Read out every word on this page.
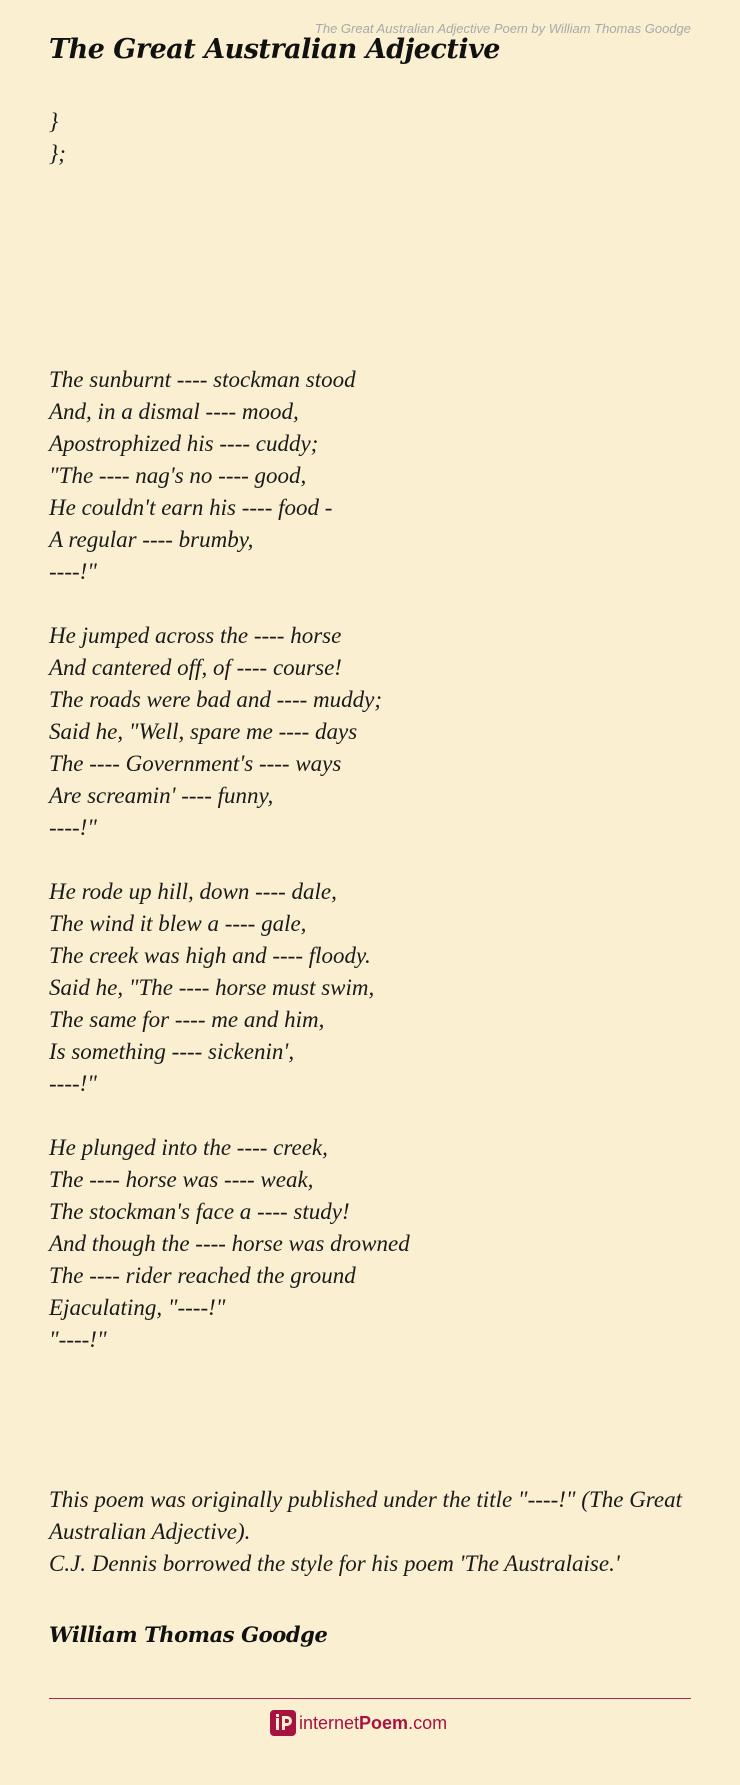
The Great Australian Adjective Poem by William Thomas Goodge
The Great Australian Adjective
}
};
The sunburnt ---- stockman stood
And, in a dismal ---- mood,
Apostrophized his ---- cuddy;
"The ---- nag's no ---- good,
He couldn't earn his ---- food -
A regular ---- brumby,
----!"
He jumped across the ---- horse
And cantered off, of ---- course!
The roads were bad and ---- muddy;
Said he, "Well, spare me ---- days
The ---- Government's ---- ways
Are screamin' ---- funny,
----!"
He rode up hill, down ---- dale,
The wind it blew a ---- gale,
The creek was high and ---- floody.
Said he, "The ---- horse must swim,
The same for ---- me and him,
Is something ---- sickenin',
----!"
He plunged into the ---- creek,
The ---- horse was ---- weak,
The stockman's face a ---- study!
And though the ---- horse was drowned
The ---- rider reached the ground
Ejaculating, "----!"
"----!"
This poem was originally published under the title "----!" (The Great Australian Adjective).
C.J. Dennis borrowed the style for his poem 'The Australaise.'
William Thomas Goodge
internet Poem .com
